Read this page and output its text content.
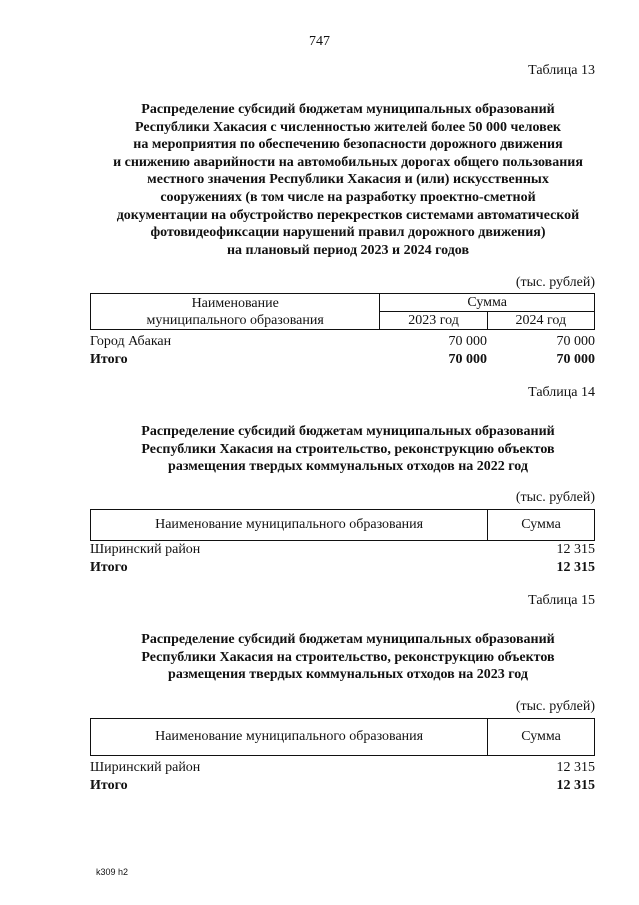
747
Таблица 13
Распределение субсидий бюджетам муниципальных образований
Республики Хакасия с численностью жителей более 50 000 человек
на мероприятия по обеспечению безопасности дорожного движения
и снижению аварийности на автомобильных дорогах общего пользования
местного значения Республики Хакасия и (или) искусственных
сооружениях (в том числе на разработку проектно-сметной
документации на обустройство перекрестков системами автоматической
фотовидеофиксации нарушений правил дорожного движения)
на плановый период 2023 и 2024 годов
(тыс. рублей)
Наименование
муниципального образования	Сумма	
	2023 год	2024 год
Город Абакан	70 000	70 000
Итого	70 000	70 000
Таблица 14
Распределение субсидий бюджетам муниципальных образований
Республики Хакасия на строительство, реконструкцию объектов
размещения твердых коммунальных отходов на 2022 год
(тыс. рублей)
Наименование муниципального образования	Сумма
Ширинский район	12 315
Итого	12 315
Таблица 15
Распределение субсидий бюджетам муниципальных образований
Республики Хакасия на строительство, реконструкцию объектов
размещения твердых коммунальных отходов на 2023 год
(тыс. рублей)
Наименование муниципального образования	Сумма
Ширинский район	12 315
Итого	12 315
k309 h2
